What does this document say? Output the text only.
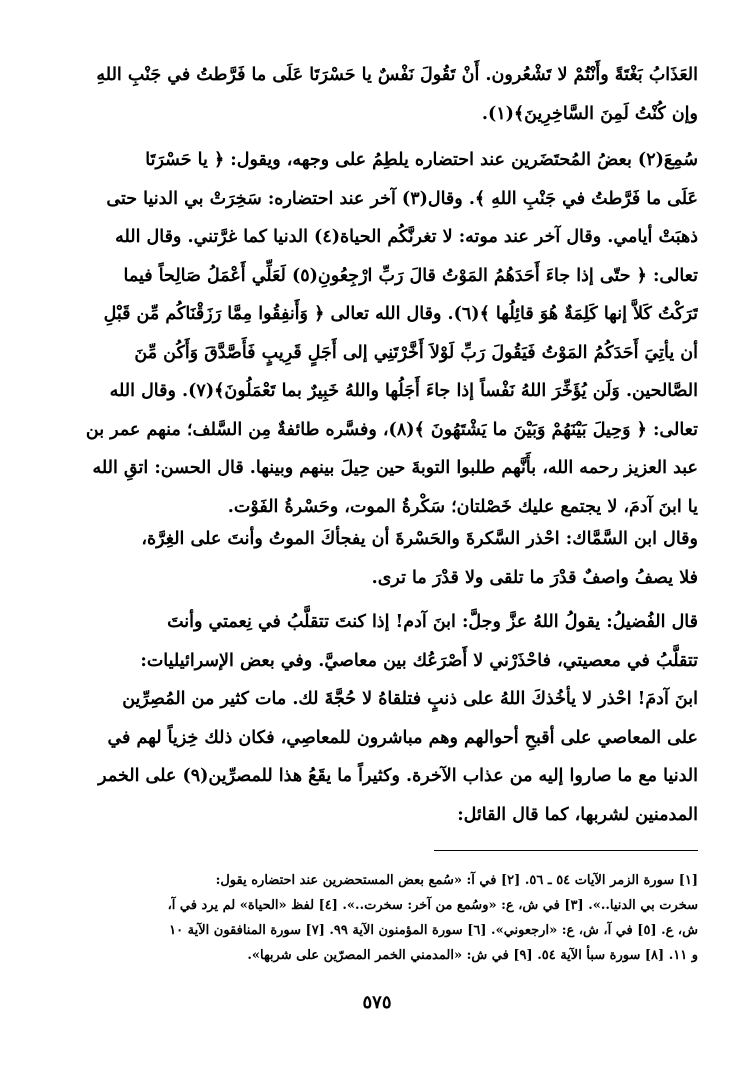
العَذَابُ بَغْتَةً وأَنْتُمْ لا تَشْعُرون. أَنْ تَقُولَ نَفْسٌ يا حَسْرَتَا عَلَى ما فَرَّطتُ في جَنْبِ اللهِ
وإن كُنْتُ لَمِنَ السَّاخِرِينَ﴾(١).
سُمِعَ(٢) بعضُ المُحتَضَرين عند احتضاره يلطِمُ على وجهه، ويقول: ﴿ يا حَسْرَتَا
عَلَى ما فَرَّطتُ في جَنْبِ اللهِ ﴾. وقال(٣) آخر عند احتضاره: سَخِرَتْ بي الدنيا حتى
ذهبَتْ أيامي. وقال آخر عند موته: لا تغرنَّكُم الحياة(٤) الدنيا كما غرَّتني. وقال الله
تعالى: ﴿ حتّى إذا جاءَ أَحَدَهُمُ المَوْتُ قالَ رَبِّ ارْجِعُونِ(٥) لَعَلِّي أَعْمَلُ صَالِحاً فيما
تَرَكْتُ كَلاَّ إنها كَلِمَةٌ هُوَ قائِلُها ﴾(٦). وقال الله تعالى ﴿ وَأَنفِقُوا مِمَّا رَزَقْنَاكُم مِّن قَبْلِ
أن يأتِيَ أَحَدَكُمُ المَوْتُ فَيَقُولَ رَبِّ لَوْلاَ أَخَّرْتَنِي إلى أَجَلٍ قَرِيبٍ فَأَصَّدَّقَ وَأَكُن مِّنَ
الصَّالحين. وَلَن يُؤَخِّرَ اللهُ نَفْساً إذا جاءَ أَجَلُها واللهُ خَبِيرٌ بما تَعْمَلُونَ﴾(٧). وقال الله
تعالى: ﴿ وَحِيلَ بَيْنَهُمْ وَبَيْنَ ما يَشْتَهُونَ ﴾(٨)، وفسَّره طائفةٌ مِن السَّلف؛ منهم عمر بن
عبد العزيز رحمه الله، بأَنَّهم طلبوا التوبةَ حين حِيلَ بينهم وبينها. قال الحسن: اتقِ الله
يا ابنَ آدمَ، لا يجتمع عليك خَصْلتان؛ سَكْرةُ الموت، وحَسْرةُ الفَوْت.
وقال ابن السَّمَّاك: احْذر السَّكرةَ والحَسْرةَ أن يفجأكَ الموتُ وأنتَ على الغِرَّة،
فلا يصفُ واصفٌ قدْرَ ما تلقى ولا قدْرَ ما ترى.
قال الفُضيلُ: يقولُ اللهُ عزَّ وجلَّ: ابنَ آدم! إذا كنتَ تتقلَّبُ في نِعمتي وأنتَ
تتقلَّبُ في معصيتي، فاحْذَرْني لا أَصْرَعُك بين معاصيَّ. وفي بعض الإسرائيليات:
ابنَ آدمَ! احْذر لا يأخُذكَ اللهُ على ذنبٍ فتلقاهُ لا حُجَّةَ لك. مات كثير من المُصِرِّين
على المعاصي على أقبحِ أحوالهم وهم مباشرون للمعاصِي، فكان ذلك خِزياً لهم في
الدنيا مع ما صاروا إليه من عذاب الآخرة. وكثيراً ما يقَعُ هذا للمصرِّين(٩) على الخمر
المدمنين لشربها، كما قال القائل:
[١] سورة الزمر الآيات ٥٤ ـ ٥٦. [٢] في آ: «سُمع بعض المستحضرين عند احتضاره يقول:
سخرت بي الدنيا..». [٣] في ش، ع: «وسُمع من آخر: سخرت..». [٤] لفظ «الحياة» لم يرد في آ،
ش، ع. [٥] في آ، ش، ع: «ارجعوني». [٦] سورة المؤمنون الآية ٩٩. [٧] سورة المنافقون الآية ١٠
و ١١. [٨] سورة سبأ الآية ٥٤. [٩] في ش: «المدمني الخمر المصرّين على شربها».
٥٧٥
